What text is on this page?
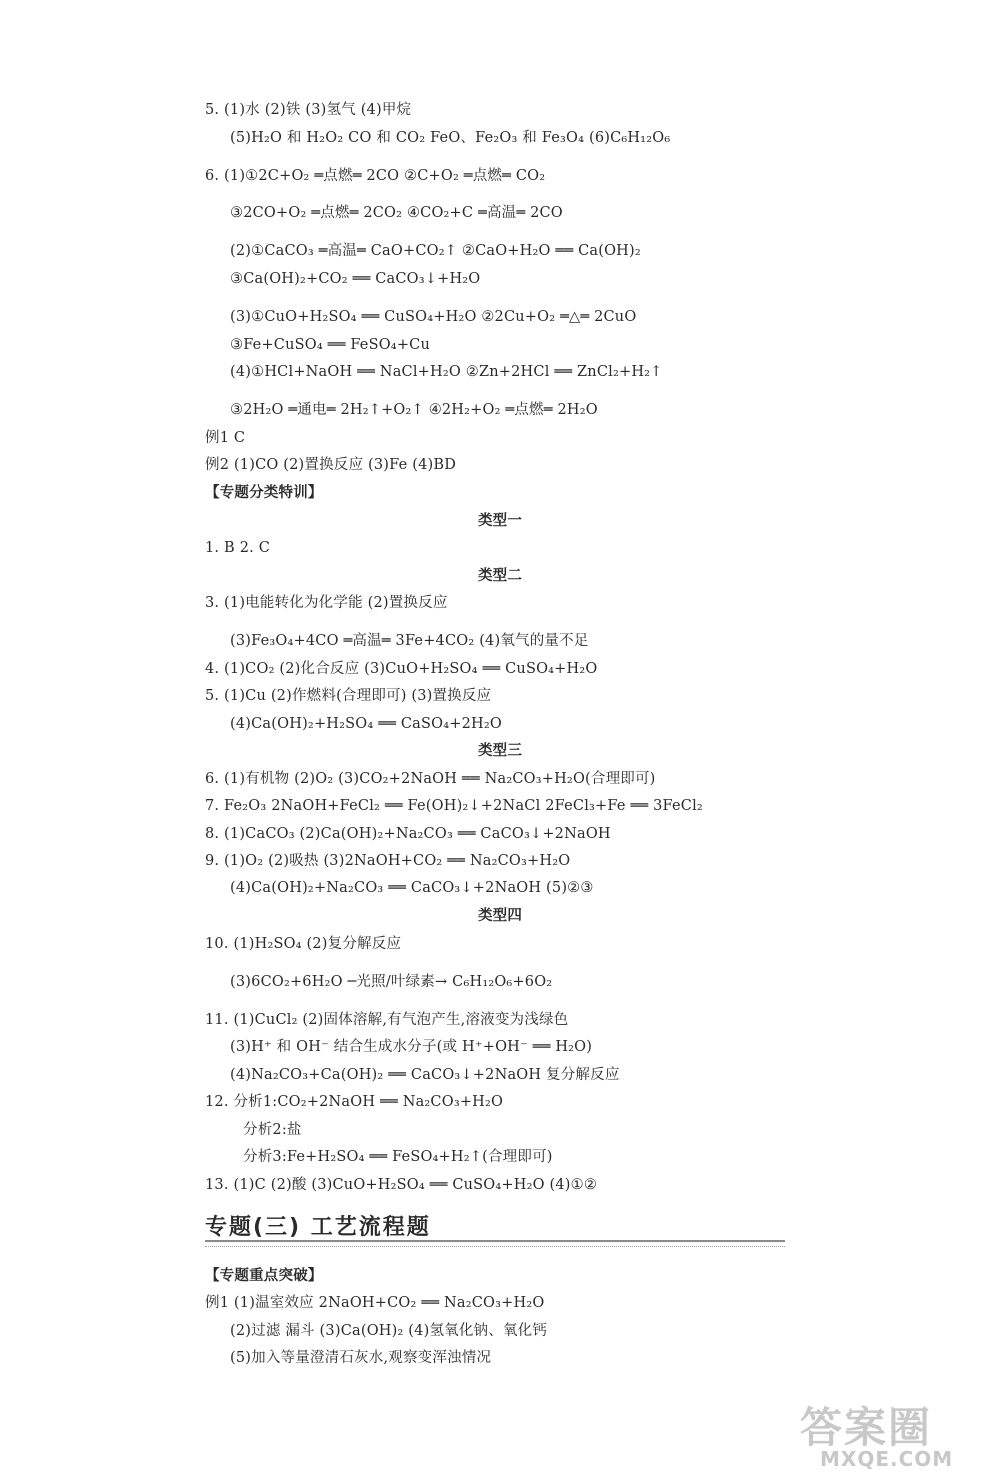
5. (1)水 (2)铁 (3)氢气 (4)甲烷
(5)H₂O 和 H₂O₂ CO 和 CO₂ FeO、Fe₂O₃ 和 Fe₃O₄ (6)C₆H₁₂O₆
6. (1)①2C+O₂ ═点燃═ 2CO ②C+O₂ ═点燃═ CO₂
③2CO+O₂ ═点燃═ 2CO₂ ④CO₂+C ═高温═ 2CO
(2)①CaCO₃ ═高温═ CaO+CO₂↑ ②CaO+H₂O ══ Ca(OH)₂
③Ca(OH)₂+CO₂ ══ CaCO₃↓+H₂O
(3)①CuO+H₂SO₄ ══ CuSO₄+H₂O ②2Cu+O₂ ═△═ 2CuO
③Fe+CuSO₄ ══ FeSO₄+Cu
(4)①HCl+NaOH ══ NaCl+H₂O ②Zn+2HCl ══ ZnCl₂+H₂↑
③2H₂O ═通电═ 2H₂↑+O₂↑ ④2H₂+O₂ ═点燃═ 2H₂O
例1 C
例2 (1)CO (2)置换反应 (3)Fe (4)BD
【专题分类特训】
类型一
1. B 2. C
类型二
3. (1)电能转化为化学能 (2)置换反应
(3)Fe₃O₄+4CO ═高温═ 3Fe+4CO₂ (4)氧气的量不足
4. (1)CO₂ (2)化合反应 (3)CuO+H₂SO₄ ══ CuSO₄+H₂O
5. (1)Cu (2)作燃料(合理即可) (3)置换反应
(4)Ca(OH)₂+H₂SO₄ ══ CaSO₄+2H₂O
类型三
6. (1)有机物 (2)O₂ (3)CO₂+2NaOH ══ Na₂CO₃+H₂O(合理即可)
7. Fe₂O₃ 2NaOH+FeCl₂ ══ Fe(OH)₂↓+2NaCl 2FeCl₃+Fe ══ 3FeCl₂
8. (1)CaCO₃ (2)Ca(OH)₂+Na₂CO₃ ══ CaCO₃↓+2NaOH
9. (1)O₂ (2)吸热 (3)2NaOH+CO₂ ══ Na₂CO₃+H₂O
(4)Ca(OH)₂+Na₂CO₃ ══ CaCO₃↓+2NaOH (5)②③
类型四
10. (1)H₂SO₄ (2)复分解反应
(3)6CO₂+6H₂O ─光照/叶绿素→ C₆H₁₂O₆+6O₂
11. (1)CuCl₂ (2)固体溶解,有气泡产生,溶液变为浅绿色
(3)H⁺ 和 OH⁻ 结合生成水分子(或 H⁺+OH⁻ ══ H₂O)
(4)Na₂CO₃+Ca(OH)₂ ══ CaCO₃↓+2NaOH 复分解反应
12. 分析1:CO₂+2NaOH ══ Na₂CO₃+H₂O
分析2:盐
分析3:Fe+H₂SO₄ ══ FeSO₄+H₂↑(合理即可)
13. (1)C (2)酸 (3)CuO+H₂SO₄ ══ CuSO₄+H₂O (4)①②
专题(三) 工艺流程题
【专题重点突破】
例1 (1)温室效应 2NaOH+CO₂ ══ Na₂CO₃+H₂O
(2)过滤 漏斗 (3)Ca(OH)₂ (4)氢氧化钠、氧化钙
(5)加入等量澄清石灰水,观察变浑浊情况
答案圈
MXQE.COM
